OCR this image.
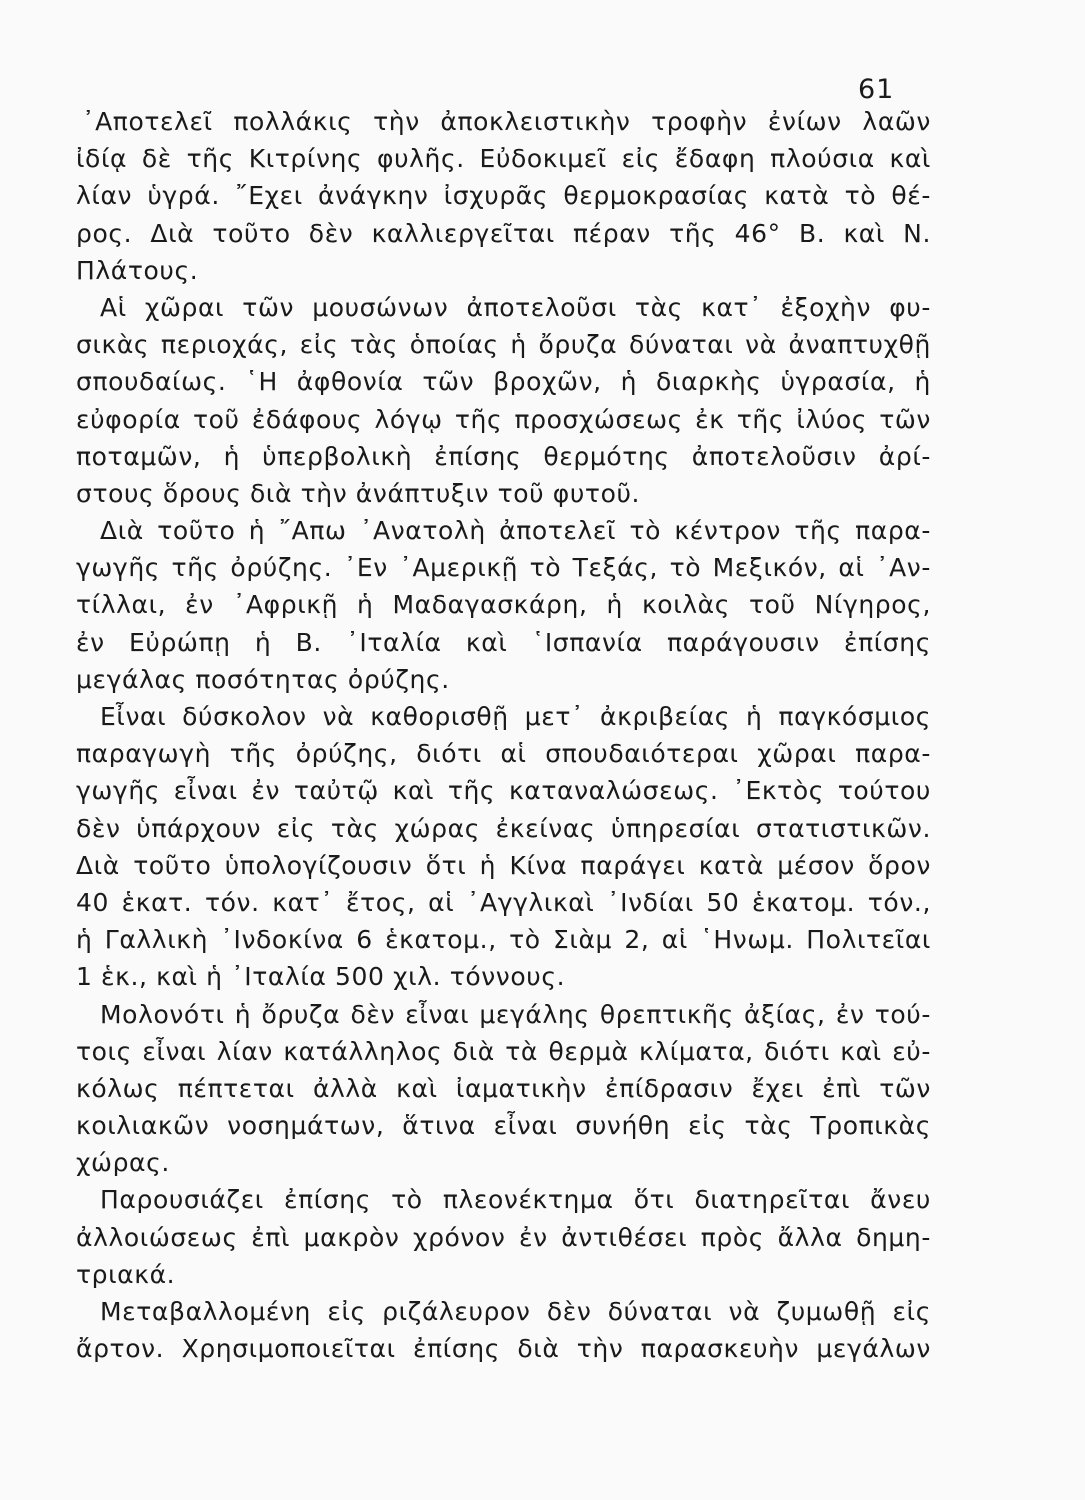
61
᾿Αποτελεῖ πολλάκις τὴν ἀποκλειστικὴν τροφὴν ἐνίων λαῶν
ἰδίᾳ δὲ τῆς Κιτρίνης φυλῆς. Εὐδοκιμεῖ εἰς ἔδαφη πλούσια καὶ
λίαν ὑγρά. ῎Εχει ἀνάγκην ἰσχυρᾶς θερμοκρασίας κατὰ τὸ θέ-
ρος. Διὰ τοῦτο δὲν καλλιεργεῖται πέραν τῆς 46° Β. καὶ Ν.
Πλάτους.
Αἱ χῶραι τῶν μουσώνων ἀποτελοῦσι τὰς κατ᾿ ἐξοχὴν φυ-
σικὰς περιοχάς, εἰς τὰς ὁποίας ἡ ὄρυζα δύναται νὰ ἀναπτυχθῇ
σπουδαίως. ῾Η ἀφθονία τῶν βροχῶν, ἡ διαρκὴς ὑγρασία, ἡ
εὐφορία τοῦ ἐδάφους λόγῳ τῆς προσχώσεως ἐκ τῆς ἰλύος τῶν
ποταμῶν, ἡ ὑπερβολικὴ ἐπίσης θερμότης ἀποτελοῦσιν ἀρί-
στους ὅρους διὰ τὴν ἀνάπτυξιν τοῦ φυτοῦ.
Διὰ τοῦτο ἡ ῎Απω ᾿Ανατολὴ ἀποτελεῖ τὸ κέντρον τῆς παρα-
γωγῆς τῆς ὀρύζης. ᾿Εν ᾿Αμερικῇ τὸ Τεξάς, τὸ Μεξικόν, αἱ ᾿Αν-
τίλλαι, ἐν ᾿Αφρικῇ ἡ Μαδαγασκάρη, ἡ κοιλὰς τοῦ Νίγηρος,
ἐν Εὐρώπῃ ἡ Β. ᾿Ιταλία καὶ ῾Ισπανία παράγουσιν ἐπίσης
μεγάλας ποσότητας ὀρύζης.
Εἶναι δύσκολον νὰ καθορισθῇ μετ᾿ ἀκριβείας ἡ παγκόσμιος
παραγωγὴ τῆς ὀρύζης, διότι αἱ σπουδαιότεραι χῶραι παρα-
γωγῆς εἶναι ἐν ταὐτῷ καὶ τῆς καταναλώσεως. ᾿Εκτὸς τούτου
δὲν ὑπάρχουν εἰς τὰς χώρας ἐκείνας ὑπηρεσίαι στατιστικῶν.
Διὰ τοῦτο ὑπολογίζουσιν ὅτι ἡ Κίνα παράγει κατὰ μέσον ὅρον
40 ἑκατ. τόν. κατ᾿ ἔτος, αἱ ᾿Αγγλικαὶ ᾿Ινδίαι 50 ἑκατομ. τόν.,
ἡ Γαλλικὴ ᾿Ινδοκίνα 6 ἑκατομ., τὸ Σιὰμ 2, αἱ ῾Ηνωμ. Πολιτεῖαι
1 ἑκ., καὶ ἡ ᾿Ιταλία 500 χιλ. τόννους.
Μολονότι ἡ ὄρυζα δὲν εἶναι μεγάλης θρεπτικῆς ἀξίας, ἐν τού-
τοις εἶναι λίαν κατάλληλος διὰ τὰ θερμὰ κλίματα, διότι καὶ εὐ-
κόλως πέπτεται ἀλλὰ καὶ ἰαματικὴν ἐπίδρασιν ἔχει ἐπὶ τῶν
κοιλιακῶν νοσημάτων, ἅτινα εἶναι συνήθη εἰς τὰς Τροπικὰς
χώρας.
Παρουσιάζει ἐπίσης τὸ πλεονέκτημα ὅτι διατηρεῖται ἄνευ
ἀλλοιώσεως ἐπὶ μακρὸν χρόνον ἐν ἀντιθέσει πρὸς ἄλλα δημη-
τριακά.
Μεταβαλλομένη εἰς ριζάλευρον δὲν δύναται νὰ ζυμωθῇ εἰς
ἄρτον. Χρησιμοποιεῖται ἐπίσης διὰ τὴν παρασκευὴν μεγάλων
